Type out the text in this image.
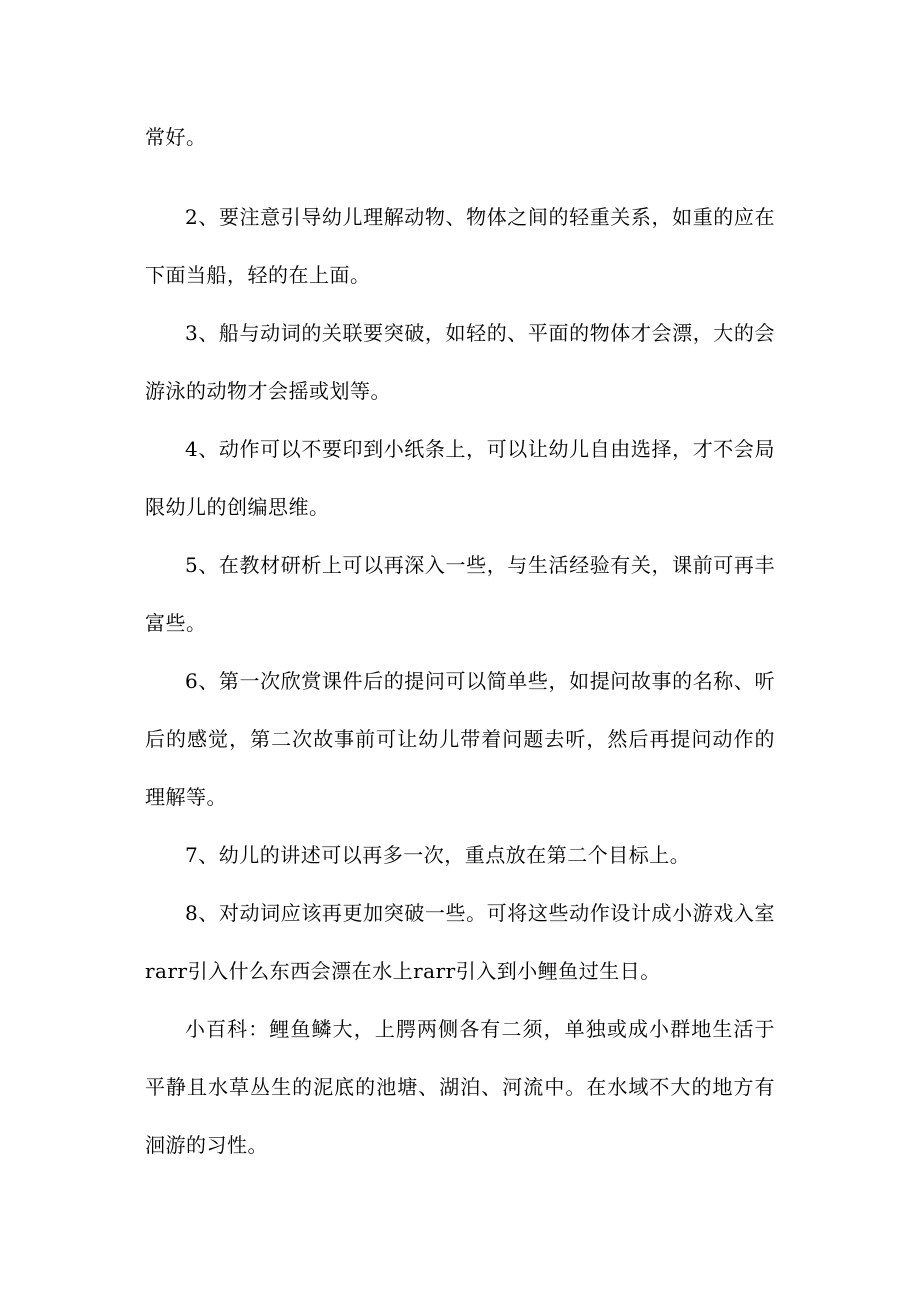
常好。

2、要注意引导幼儿理解动物、物体之间的轻重关系，如重的应在下面当船，轻的在上面。

3、船与动词的关联要突破，如轻的、平面的物体才会漂，大的会游泳的动物才会摇或划等。

4、动作可以不要印到小纸条上，可以让幼儿自由选择，才不会局限幼儿的创编思维。

5、在教材研析上可以再深入一些，与生活经验有关，课前可再丰富些。

6、第一次欣赏课件后的提问可以简单些，如提问故事的名称、听后的感觉，第二次故事前可让幼儿带着问题去听，然后再提问动作的理解等。

7、幼儿的讲述可以再多一次，重点放在第二个目标上。

8、对动词应该再更加突破一些。可将这些动作设计成小游戏入室rarr引入什么东西会漂在水上rarr引入到小鲤鱼过生日。

小百科：鲤鱼鳞大，上腭两侧各有二须，单独或成小群地生活于平静且水草丛生的泥底的池塘、湖泊、河流中。在水域不大的地方有洄游的习性。
